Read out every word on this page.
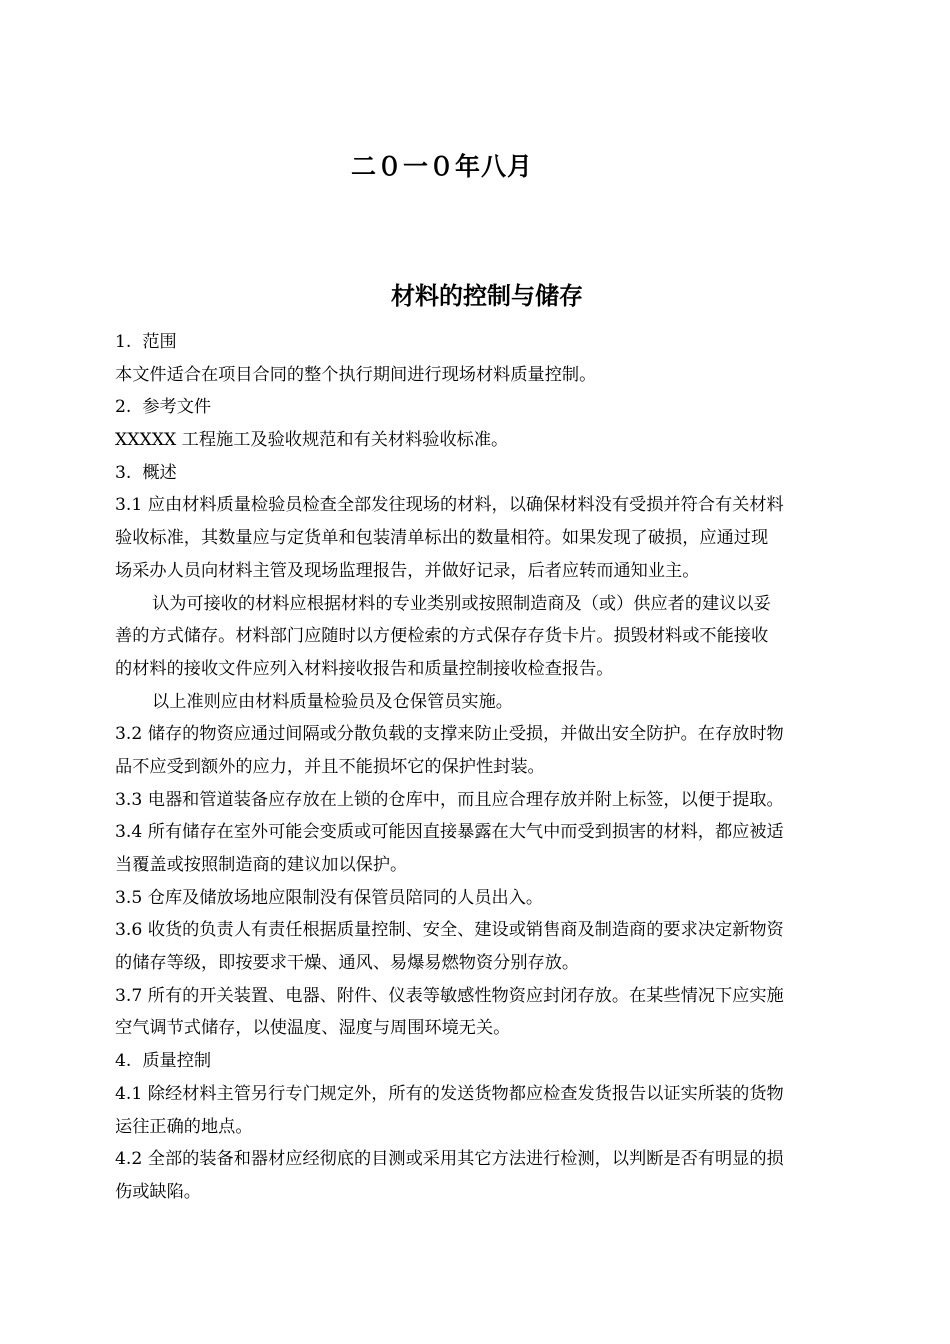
二０一０年八月
材料的控制与储存
1.  范围
本文件适合在项目合同的整个执行期间进行现场材料质量控制。
2.  参考文件
XXXXX 工程施工及验收规范和有关材料验收标准。
3.  概述
3.1 应由材料质量检验员检查全部发往现场的材料，以确保材料没有受损并符合有关材料
验收标准，其数量应与定货单和包装清单标出的数量相符。如果发现了破损，应通过现
场采办人员向材料主管及现场监理报告，并做好记录，后者应转而通知业主。
认为可接收的材料应根据材料的专业类别或按照制造商及（或）供应者的建议以妥
善的方式储存。材料部门应随时以方便检索的方式保存存货卡片。损毁材料或不能接收
的材料的接收文件应列入材料接收报告和质量控制接收检查报告。
以上准则应由材料质量检验员及仓保管员实施。
3.2 储存的物资应通过间隔或分散负载的支撑来防止受损，并做出安全防护。在存放时物
品不应受到额外的应力，并且不能损坏它的保护性封装。
3.3 电器和管道装备应存放在上锁的仓库中，而且应合理存放并附上标签，以便于提取。
3.4 所有储存在室外可能会变质或可能因直接暴露在大气中而受到损害的材料，都应被适
当覆盖或按照制造商的建议加以保护。
3.5 仓库及储放场地应限制没有保管员陪同的人员出入。
3.6 收货的负责人有责任根据质量控制、安全、建设或销售商及制造商的要求决定新物资
的储存等级，即按要求干燥、通风、易爆易燃物资分别存放。
3.7 所有的开关装置、电器、附件、仪表等敏感性物资应封闭存放。在某些情况下应实施
空气调节式储存，以使温度、湿度与周围环境无关。
4.  质量控制
4.1 除经材料主管另行专门规定外，所有的发送货物都应检查发货报告以证实所装的货物
运往正确的地点。
4.2 全部的装备和器材应经彻底的目测或采用其它方法进行检测，以判断是否有明显的损
伤或缺陷。
